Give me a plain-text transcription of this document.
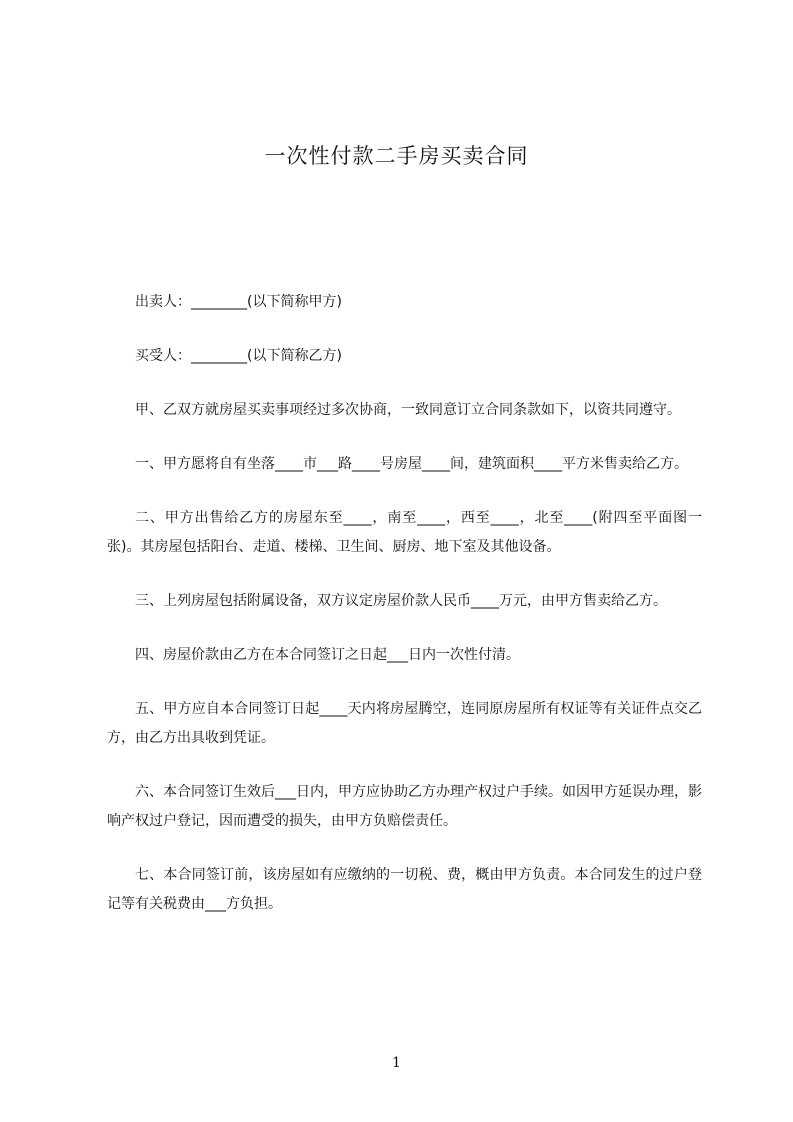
一次性付款二手房买卖合同

出卖人：________(以下简称甲方)

买受人：________(以下简称乙方)

甲、乙双方就房屋买卖事项经过多次协商，一致同意订立合同条款如下，以资共同遵守。

一、甲方愿将自有坐落____市___路____号房屋____间，建筑面积____平方米售卖给乙方。

二、甲方出售给乙方的房屋东至____，南至____，西至____，北至____(附四至平面图一张)。其房屋包括阳台、走道、楼梯、卫生间、厨房、地下室及其他设备。

三、上列房屋包括附属设备，双方议定房屋价款人民币____万元，由甲方售卖给乙方。

四、房屋价款由乙方在本合同签订之日起___日内一次性付清。

五、甲方应自本合同签订日起____天内将房屋腾空，连同原房屋所有权证等有关证件点交乙方，由乙方出具收到凭证。

六、本合同签订生效后___日内，甲方应协助乙方办理产权过户手续。如因甲方延误办理，影响产权过户登记，因而遭受的损失，由甲方负赔偿责任。

七、本合同签订前，该房屋如有应缴纳的一切税、费，概由甲方负责。本合同发生的过户登记等有关税费由___方负担。

1
